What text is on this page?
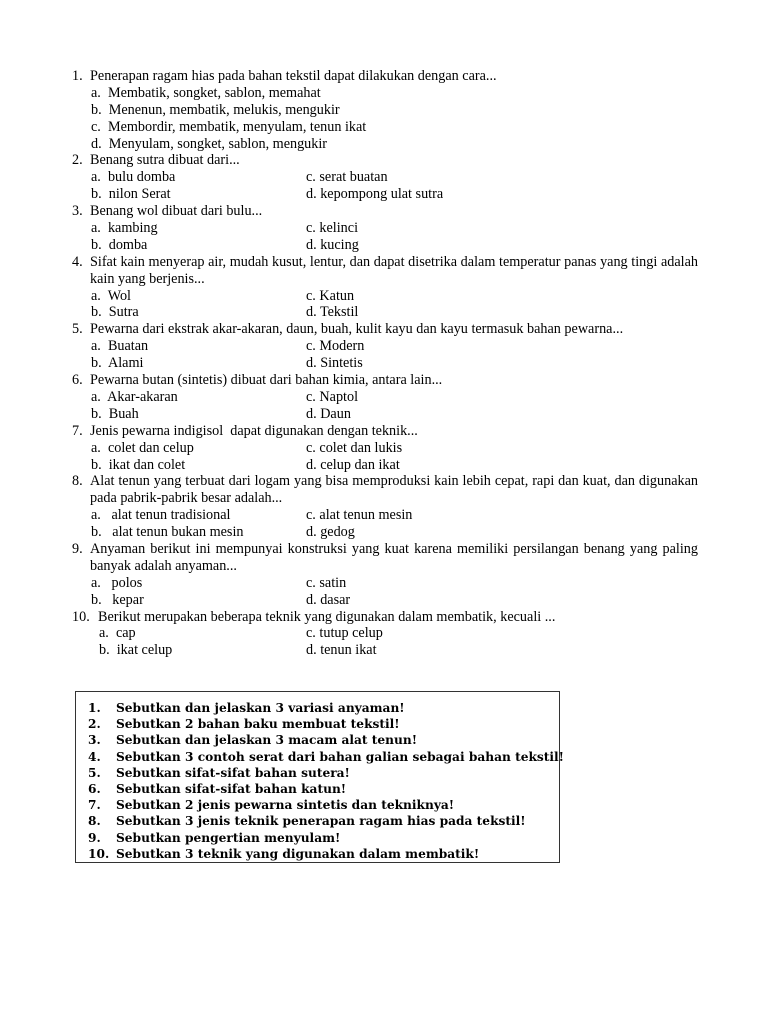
1. Penerapan ragam hias pada bahan tekstil dapat dilakukan dengan cara...
a. Membatik, songket, sablon, memahat
b. Menenun, membatik, melukis, mengukir
c. Membordir, membatik, menyulam, tenun ikat
d. Menyulam, songket, sablon, mengukir
2. Benang sutra dibuat dari...
a. bulu domba	c. serat buatan
b. nilon Serat	d. kepompong ulat sutra
3. Benang wol dibuat dari bulu...
a. kambing	c. kelinci
b. domba	d. kucing
4. Sifat kain menyerap air, mudah kusut, lentur, dan dapat disetrika dalam temperatur panas yang tingi adalah kain yang berjenis...
a. Wol	c. Katun
b. Sutra	d. Tekstil
5. Pewarna dari ekstrak akar-akaran, daun, buah, kulit kayu dan kayu termasuk bahan pewarna...
a. Buatan	c. Modern
b. Alami	d. Sintetis
6. Pewarna butan (sintetis) dibuat dari bahan kimia, antara lain...
a. Akar-akaran	c. Naptol
b. Buah	d. Daun
7. Jenis pewarna indigisol  dapat digunakan dengan teknik...
a. colet dan celup	c. colet dan lukis
b. ikat dan colet	d. celup dan ikat
8. Alat tenun yang terbuat dari logam yang bisa memproduksi kain lebih cepat, rapi dan kuat, dan digunakan pada pabrik-pabrik besar adalah...
a. alat tenun tradisional	c. alat tenun mesin
b. alat tenun bukan mesin	d. gedog
9. Anyaman berikut ini mempunyai konstruksi yang kuat karena memiliki persilangan benang yang paling banyak adalah anyaman...
a. polos	c. satin
b. kepar	d. dasar
10. Berikut merupakan beberapa teknik yang digunakan dalam membatik, kecuali ...
a. cap	c. tutup celup
b. ikat celup	d. tenun ikat
1. Sebutkan dan jelaskan 3 variasi anyaman!
2. Sebutkan 2 bahan baku membuat tekstil!
3. Sebutkan dan jelaskan 3 macam alat tenun!
4. Sebutkan 3 contoh serat dari bahan galian sebagai bahan tekstil!
5. Sebutkan sifat-sifat bahan sutera!
6. Sebutkan sifat-sifat bahan katun!
7. Sebutkan 2 jenis pewarna sintetis dan tekniknya!
8. Sebutkan 3 jenis teknik penerapan ragam hias pada tekstil!
9. Sebutkan pengertian menyulam!
10. Sebutkan 3 teknik yang digunakan dalam membatik!
